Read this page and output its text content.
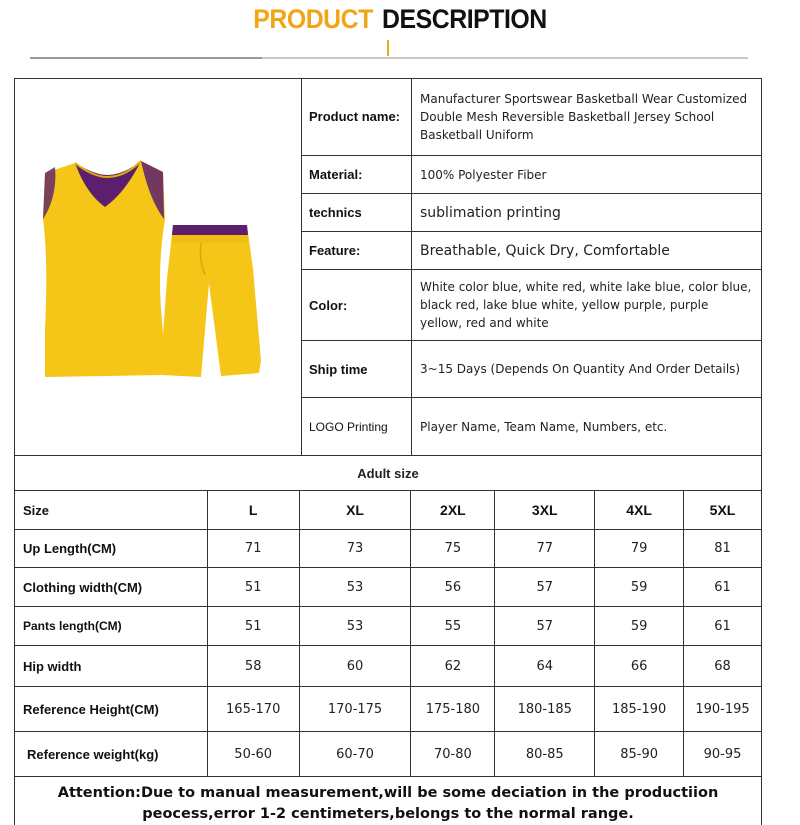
PRODUCT DESCRIPTION
Product name:
Manufacturer Sportswear Basketball Wear Customized Double Mesh Reversible Basketball Jersey School Basketball Uniform
Material:	100% Polyester Fiber
technics	sublimation printing
Feature:	Breathable, Quick Dry, Comfortable
Color:
White color blue, white red, white lake blue, color blue, black red, lake blue white, yellow purple, purple yellow, red and white
Ship time	3~15 Days (Depends On Quantity And Order Details)
LOGO Printing	Player Name, Team Name, Numbers, etc.
Adult size						
Size	L	XL	2XL	3XL	4XL	5XL
Up Length(CM)	71	73	75	77	79	81
Clothing width(CM)	51	53	56	57	59	61
Pants length(CM)	51	53	55	57	59	61
Hip width	58	60	62	64	66	68
Reference Height(CM)	165-170	170-175	175-180	180-185	185-190	190-195
Reference weight(kg)	50-60	60-70	70-80	80-85	85-90	90-95
Attention:Due to manual measurement,will be some deciation in the productiion peocess,error 1-2 centimeters,belongs to the normal range.						
